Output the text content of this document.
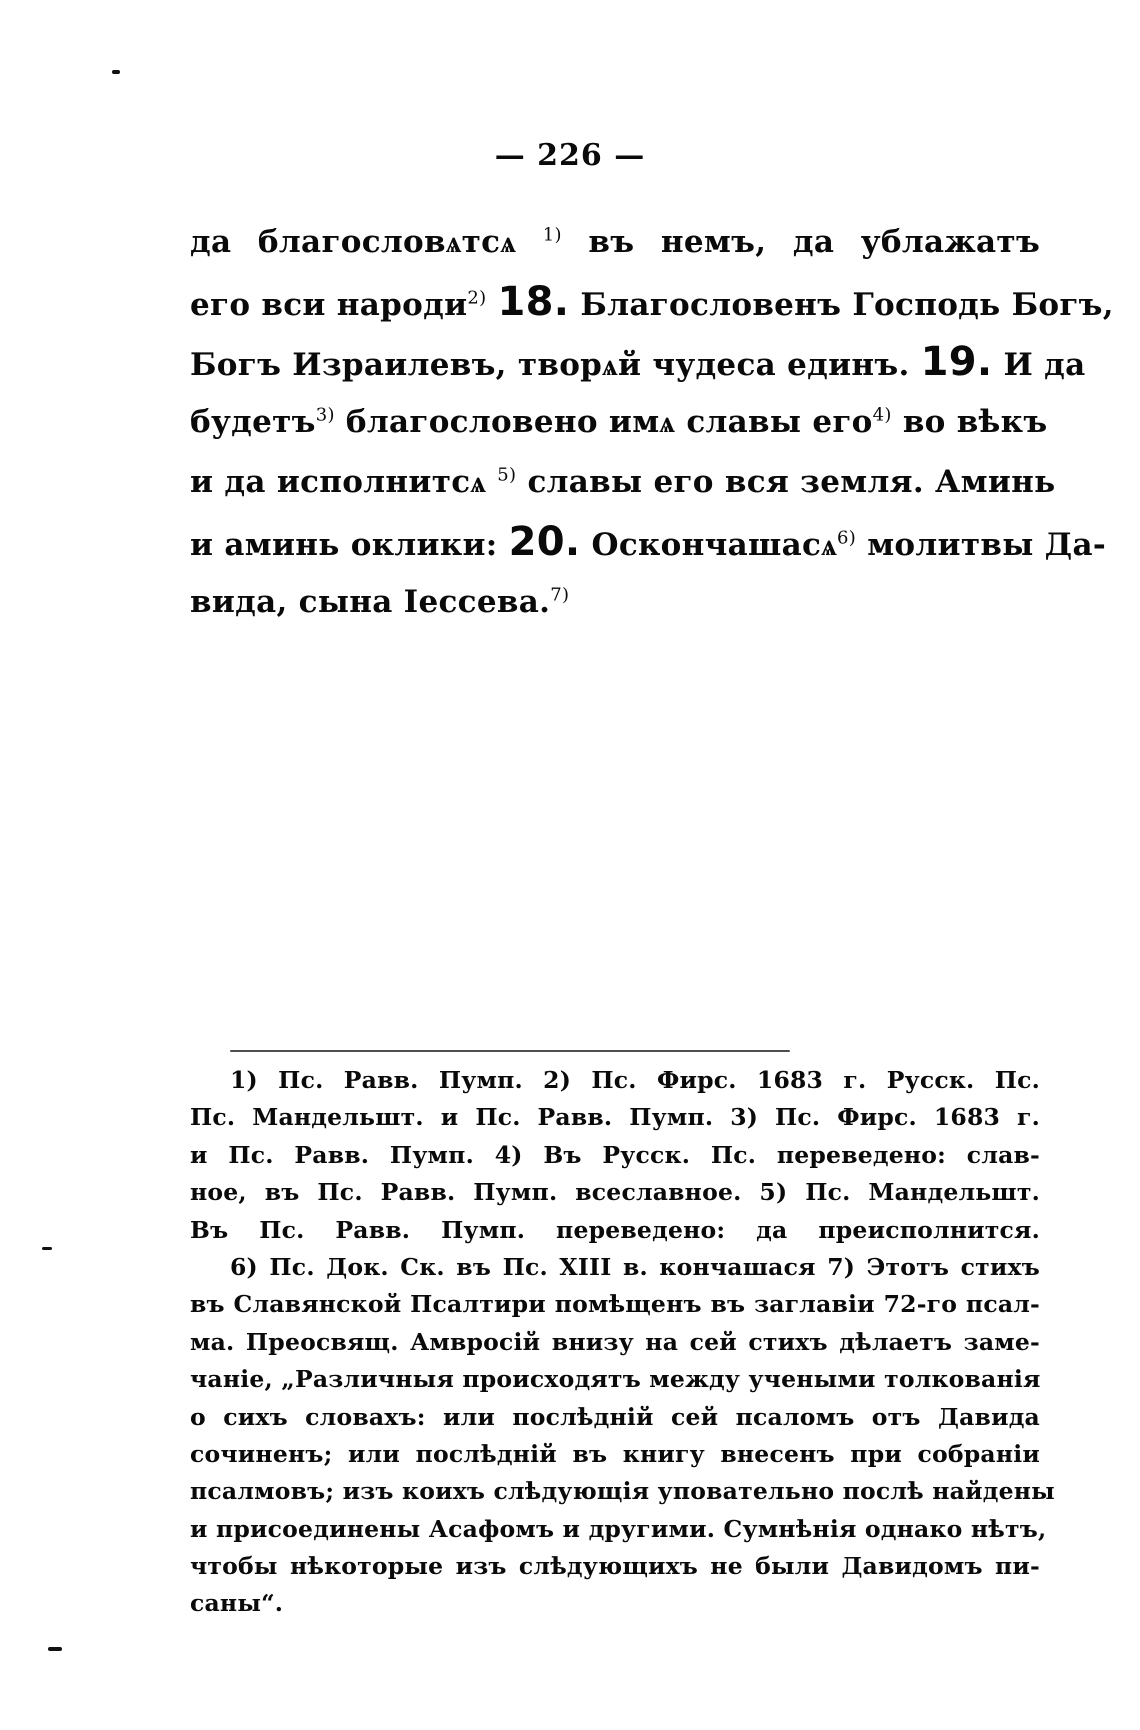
— 226 —
да благословѧтсѧ $^{1)}$ въ немъ, да ублажатъ
его вси народи$^{2)}$ 18. Благословенъ Господь Богъ,
Богъ Израилевъ, творѧй чудеса единъ. 19. И да
будетъ$^{3)}$ благословено имѧ славы его$^{4)}$ во вѣкъ
и да исполнитсѧ $^{5)}$ славы его вся земля. Аминь
и аминь оклики: 20. Оскончашасѧ$^{6)}$ молитвы Да-
вида, сына Іессева.$^{7)}$
1) Пс. Равв. Пумп. 2) Пс. Фирс. 1683 г. Русск. Пс.
Пс. Мандельшт. и Пс. Равв. Пумп. 3) Пс. Фирс. 1683 г.
и Пс. Равв. Пумп. 4) Въ Русск. Пс. переведено: слав-
ное, въ Пс. Равв. Пумп. всеславное. 5) Пс. Мандельшт.
Въ Пс. Равв. Пумп. переведено: да преисполнится.
6) Пс. Док. Ск. въ Пс. XIII в. кончашася 7) Этотъ стихъ
въ Славянской Псалтири помѣщенъ въ заглавіи 72-го псал-
ма. Преосвящ. Амвросій внизу на сей стихъ дѣлаетъ заме-
чаніе, „Различныя происходятъ между учеными толкованія
о сихъ словахъ: или послѣдній сей псаломъ отъ Давида
сочиненъ; или послѣдній въ книгу внесенъ при собраніи
псалмовъ; изъ коихъ слѣдующія уповательно послѣ найдены
и присоединены Асафомъ и другими. Сумнѣнія однако нѣтъ,
чтобы нѣкоторые изъ слѣдующихъ не были Давидомъ пи-
саны“.
